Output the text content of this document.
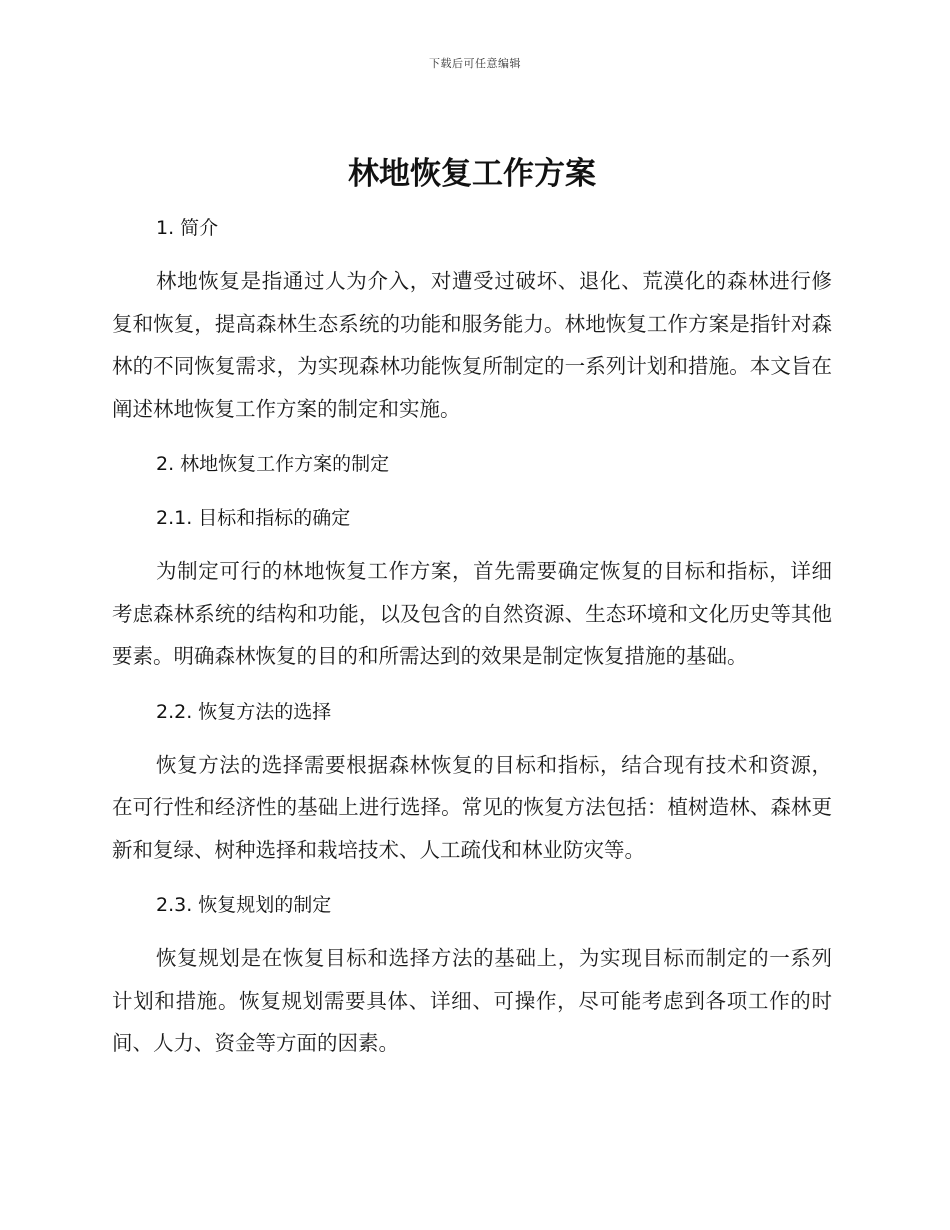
下载后可任意编辑
林地恢复工作方案

1. 简介

林地恢复是指通过人为介入，对遭受过破坏、退化、荒漠化的森林进行修复和恢复，提高森林生态系统的功能和服务能力。林地恢复工作方案是指针对森林的不同恢复需求，为实现森林功能恢复所制定的一系列计划和措施。本文旨在阐述林地恢复工作方案的制定和实施。

2. 林地恢复工作方案的制定

2.1. 目标和指标的确定

为制定可行的林地恢复工作方案，首先需要确定恢复的目标和指标，详细考虑森林系统的结构和功能，以及包含的自然资源、生态环境和文化历史等其他要素。明确森林恢复的目的和所需达到的效果是制定恢复措施的基础。

2.2. 恢复方法的选择

恢复方法的选择需要根据森林恢复的目标和指标，结合现有技术和资源，在可行性和经济性的基础上进行选择。常见的恢复方法包括：植树造林、森林更新和复绿、树种选择和栽培技术、人工疏伐和林业防灾等。

2.3. 恢复规划的制定

恢复规划是在恢复目标和选择方法的基础上，为实现目标而制定的一系列计划和措施。恢复规划需要具体、详细、可操作，尽可能考虑到各项工作的时间、人力、资金等方面的因素。
